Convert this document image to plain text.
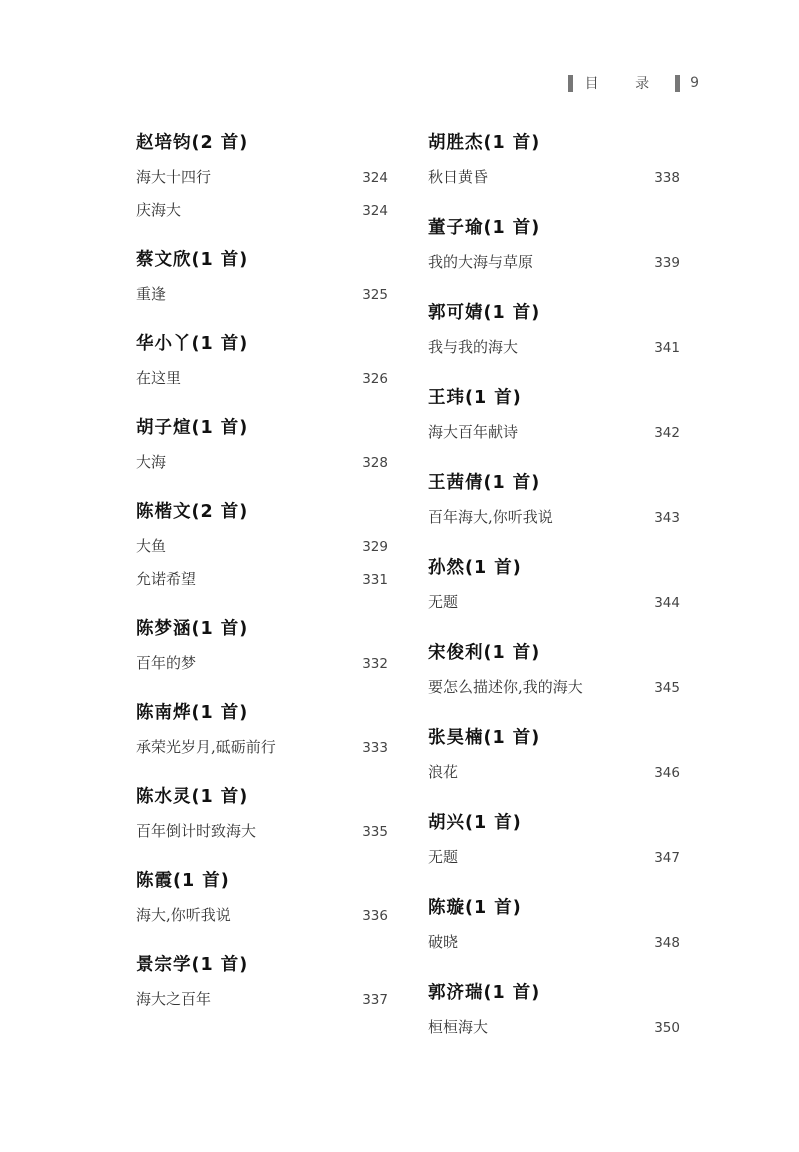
目 录 9
赵培钧(2 首)
海大十四行	324
庆海大	324
蔡文欣(1 首)
重逢	325
华小丫(1 首)
在这里	326
胡子煊(1 首)
大海	328
陈楷文(2 首)
大鱼	329
允诺希望	331
陈梦涵(1 首)
百年的梦	332
陈南烨(1 首)
承荣光岁月,砥砺前行	333
陈水灵(1 首)
百年倒计时致海大	335
陈霞(1 首)
海大,你听我说	336
景宗学(1 首)
海大之百年	337
胡胜杰(1 首)
秋日黄昏	338
董子瑜(1 首)
我的大海与草原	339
郭可婧(1 首)
我与我的海大	341
王玮(1 首)
海大百年献诗	342
王茜倩(1 首)
百年海大,你听我说	343
孙然(1 首)
无题	344
宋俊利(1 首)
要怎么描述你,我的海大	345
张昊楠(1 首)
浪花	346
胡兴(1 首)
无题	347
陈璇(1 首)
破晓	348
郭济瑞(1 首)
桓桓海大	350
